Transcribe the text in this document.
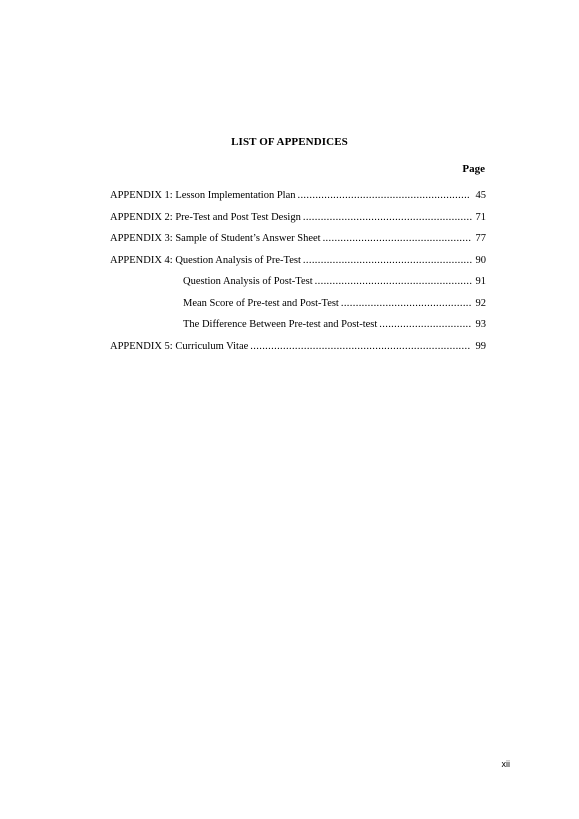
LIST OF APPENDICES
Page
APPENDIX 1: Lesson Implementation Plan .......................................................... 45
APPENDIX 2: Pre-Test and Post Test Design ......................................................... 71
APPENDIX 3: Sample of Student’s Answer Sheet .................................................. 77
APPENDIX 4: Question Analysis of Pre-Test ......................................................... 90
Question Analysis of Post-Test ..................................................... 91
Mean Score of Pre-test and Post-Test ............................................ 92
The Difference Between Pre-test and Post-test ............................... 93
APPENDIX 5: Curriculum Vitae .......................................................................... 99
xii
